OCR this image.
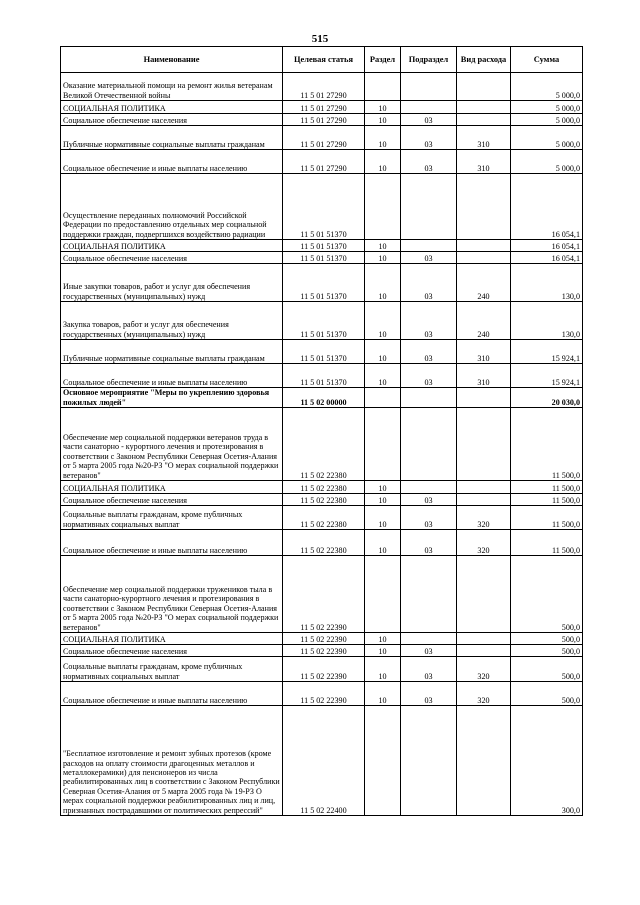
515
Наименование	Целевая статья	Раздел	Подраздел	Вид расхода	Сумма
Оказание материальной помощи на ремонт жилья ветеранам Великой Отечественной войны	11 5 01 27290				5 000,0
СОЦИАЛЬНАЯ ПОЛИТИКА	11 5 01 27290	10			5 000,0
Социальное обеспечение населения	11 5 01 27290	10	03		5 000,0
Публичные нормативные социальные выплаты гражданам	11 5 01 27290	10	03	310	5 000,0
Социальное обеспечение и иные выплаты населению	11 5 01 27290	10	03	310	5 000,0
Осуществление переданных полномочий Российской Федерации по предоставлению отдельных мер социальной поддержки граждан, подвергшихся воздействию радиации	11 5 01 51370				16 054,1
СОЦИАЛЬНАЯ ПОЛИТИКА	11 5 01 51370	10			16 054,1
Социальное обеспечение населения	11 5 01 51370	10	03		16 054,1
Иные закупки товаров, работ и услуг для обеспечения государственных (муниципальных) нужд	11 5 01 51370	10	03	240	130,0
Закупка товаров, работ и услуг для обеспечения государственных (муниципальных) нужд	11 5 01 51370	10	03	240	130,0
Публичные нормативные социальные выплаты гражданам	11 5 01 51370	10	03	310	15 924,1
Социальное обеспечение и иные выплаты населению	11 5 01 51370	10	03	310	15 924,1
Основное мероприятие "Меры по укреплению здоровья пожилых людей"	11 5 02 00000				20 030,0
Обеспечение мер социальной поддержки ветеранов труда в части санаторно - курортного лечения и протезирования в соответствии с Законом Республики Северная Осетия-Алания от 5 марта 2005 года №20-РЗ "О мерах социальной поддержки ветеранов"	11 5 02 22380				11 500,0
СОЦИАЛЬНАЯ ПОЛИТИКА	11 5 02 22380	10			11 500,0
Социальное обеспечение населения	11 5 02 22380	10	03		11 500,0
Социальные выплаты гражданам, кроме публичных нормативных социальных выплат	11 5 02 22380	10	03	320	11 500,0
Социальное обеспечение и иные выплаты населению	11 5 02 22380	10	03	320	11 500,0
Обеспечение мер социальной поддержки тружеников тыла в части санаторно-курортного лечения и протезирования в соответствии с Законом Республики Северная Осетия-Алания от 5 марта 2005 года №20-РЗ "О мерах социальной поддержки ветеранов"	11 5 02 22390				500,0
СОЦИАЛЬНАЯ ПОЛИТИКА	11 5 02 22390	10			500,0
Социальное обеспечение населения	11 5 02 22390	10	03		500,0
Социальные выплаты гражданам, кроме публичных нормативных социальных выплат	11 5 02 22390	10	03	320	500,0
Социальное обеспечение и иные выплаты населению	11 5 02 22390	10	03	320	500,0
"Бесплатное изготовление и ремонт зубных протезов (кроме расходов на оплату стоимости драгоценных металлов и металлокерамики) для пенсионеров из числа реабилитированных лиц в соответствии с Законом Республики Северная Осетия-Алания от 5 марта 2005 года № 19-РЗ О мерах социальной поддержки реабилитированных лиц и лиц, признанных пострадавшими от политических репрессий"	11 5 02 22400				300,0
